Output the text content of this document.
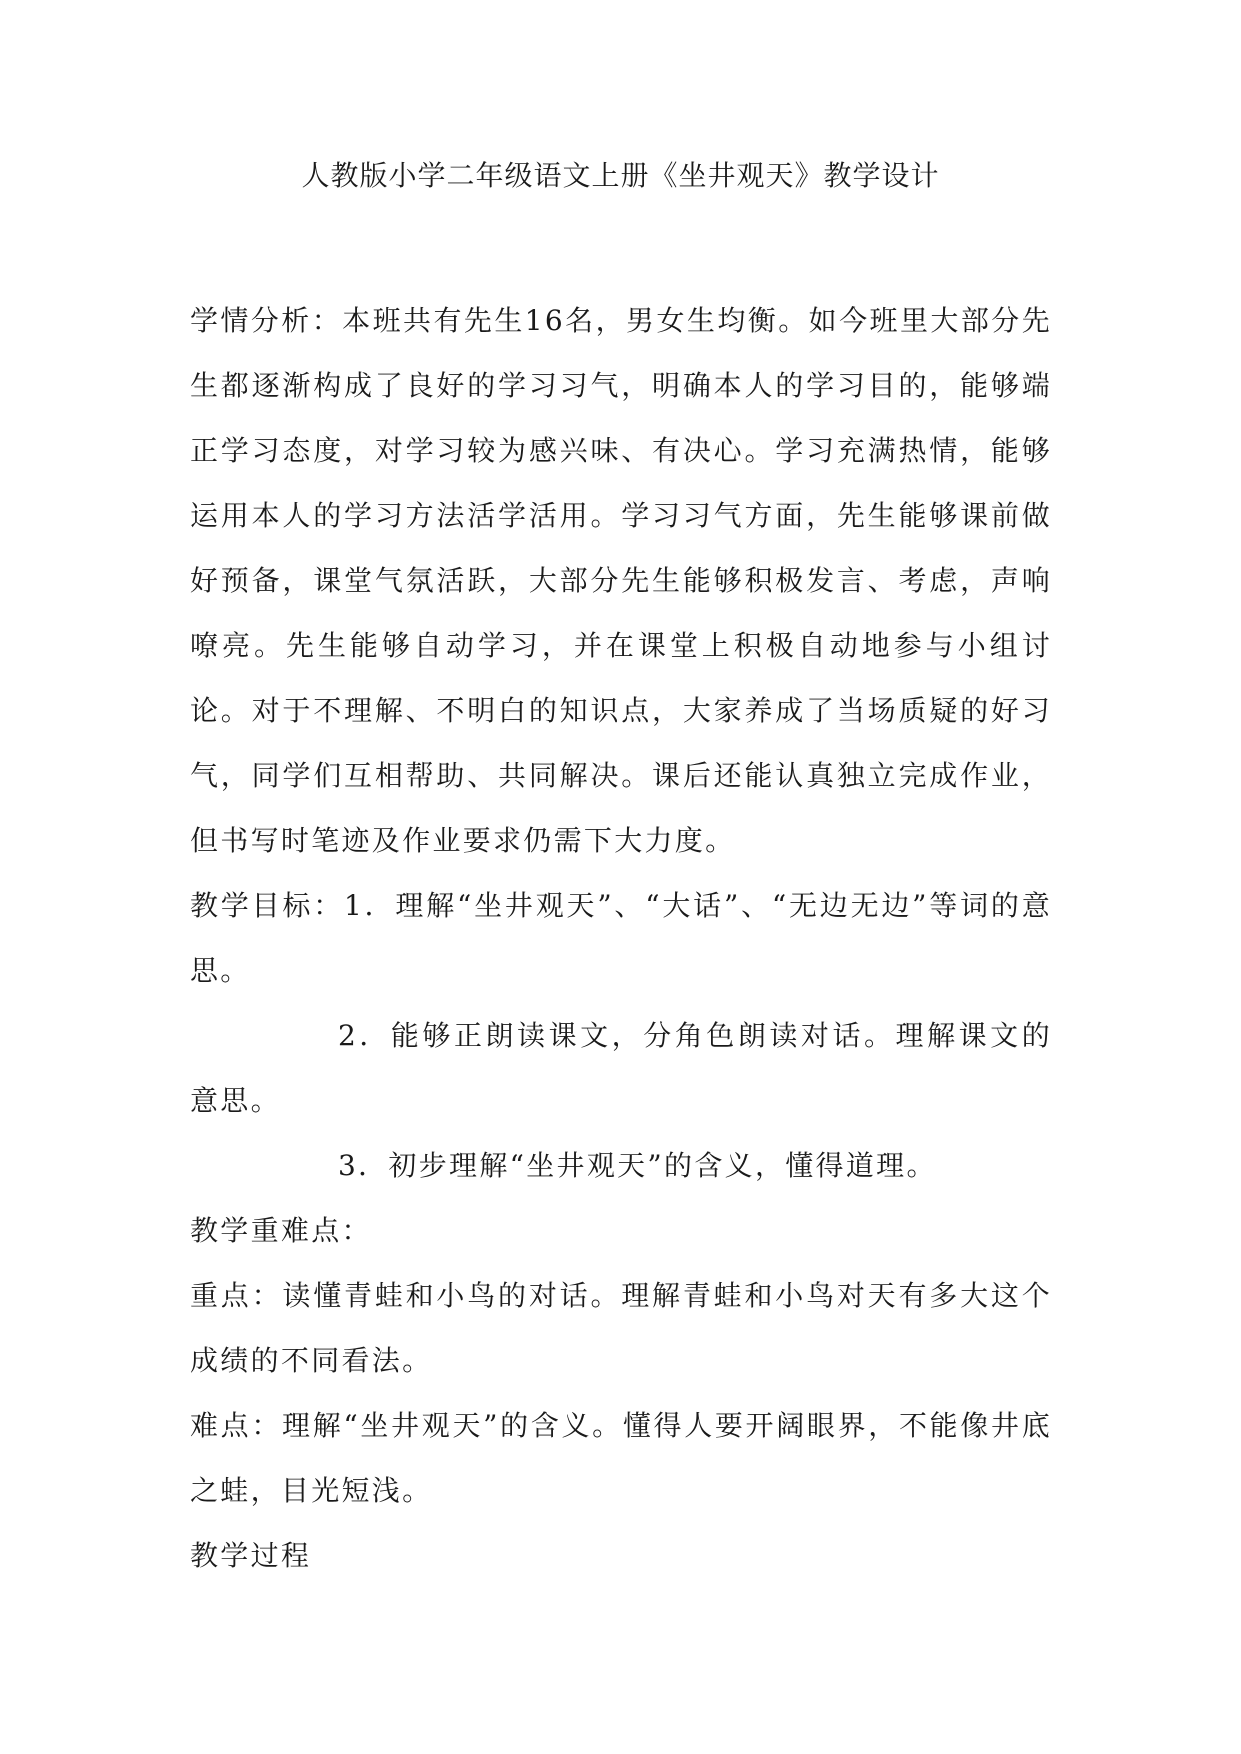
人教版小学二年级语文上册《坐井观天》教学设计

学情分析：本班共有先生16名，男女生均衡。如今班里大部分先生都逐渐构成了良好的学习习气，明确本人的学习目的，能够端正学习态度，对学习较为感兴味、有决心。学习充满热情，能够运用本人的学习方法活学活用。学习习气方面，先生能够课前做好预备，课堂气氛活跃，大部分先生能够积极发言、考虑，声响嘹亮。先生能够自动学习，并在课堂上积极自动地参与小组讨论。对于不理解、不明白的知识点，大家养成了当场质疑的好习气，同学们互相帮助、共同解决。课后还能认真独立完成作业，但书写时笔迹及作业要求仍需下大力度。

教学目标：1．理解“坐井观天”、“大话”、“无边无边”等词的意思。

2．能够正朗读课文，分角色朗读对话。理解课文的意思。

3．初步理解“坐井观天”的含义，懂得道理。

教学重难点：

重点：读懂青蛙和小鸟的对话。理解青蛙和小鸟对天有多大这个成绩的不同看法。

难点：理解“坐井观天”的含义。懂得人要开阔眼界，不能像井底之蛙，目光短浅。

教学过程
